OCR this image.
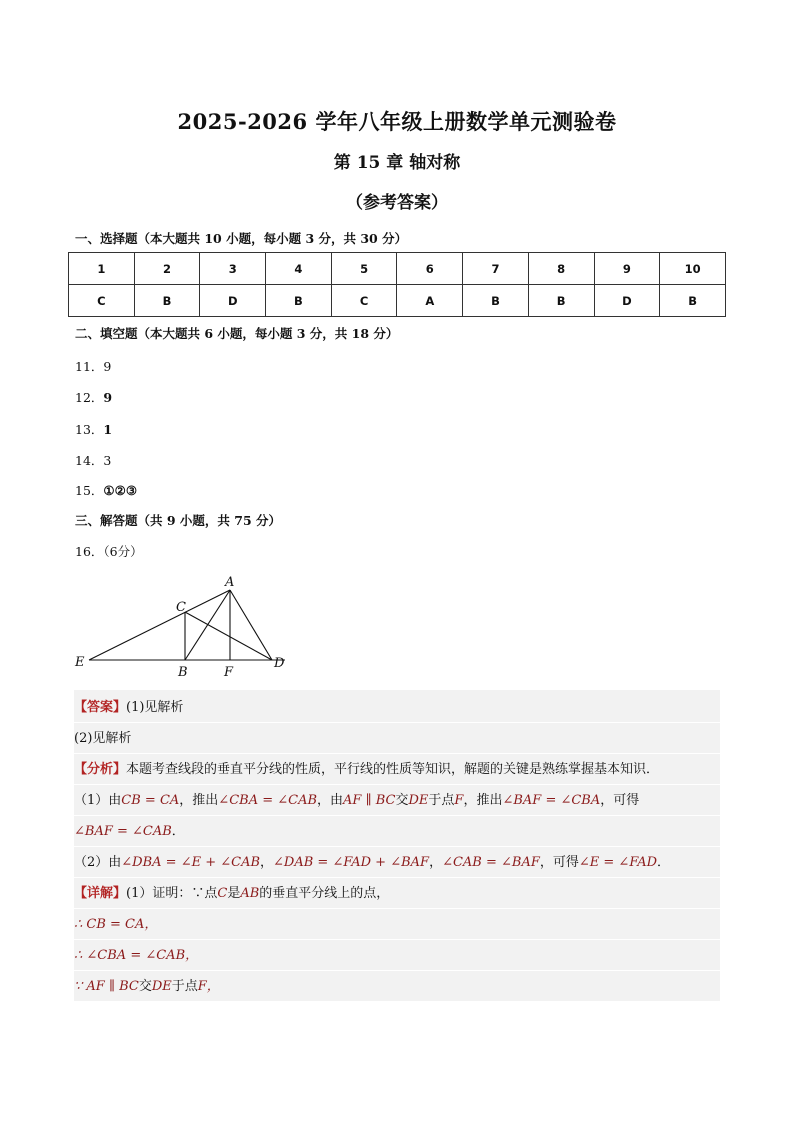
2025-2026 学年八年级上册数学单元测验卷
第 15 章 轴对称
（参考答案）
一、选择题（本大题共 10 小题，每小题 3 分，共 30 分）
1	2	3	4	5	6	7	8	9	10
C	B	D	B	C	A	B	B	D	B
二、填空题（本大题共 6 小题，每小题 3 分，共 18 分）
11．9
12．9
13．1
14．3
15．①②③
三、解答题（共 9 小题，共 75 分）
16．（6分）
A
C
E
B	F
D
【答案】(1)见解析
(2)见解析
【分析】本题考查线段的垂直平分线的性质，平行线的性质等知识，解题的关键是熟练掌握基本知识．
（1）由CB = CA，推出∠CBA = ∠CAB，由AF ∥ BC交DE于点F，推出∠BAF = ∠CBA，可得
∠BAF = ∠CAB．
（2）由∠DBA = ∠E + ∠CAB，∠DAB = ∠FAD + ∠BAF，∠CAB = ∠BAF，可得∠E = ∠FAD．
【详解】(1）证明：∵点C是AB的垂直平分线上的点，
∴ CB = CA，
∴ ∠CBA = ∠CAB，
∵ AF ∥ BC交DE于点F，
